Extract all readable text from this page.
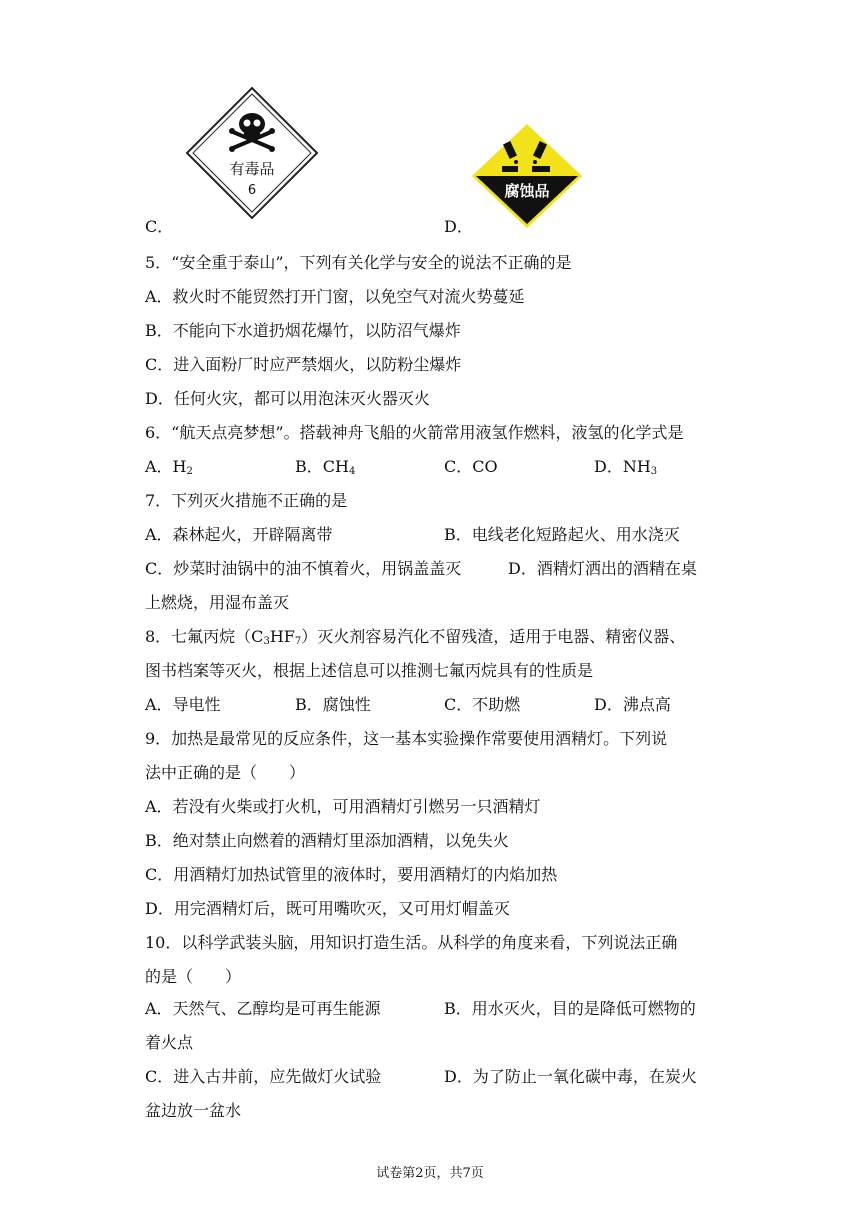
有毒品
6	腐蚀品
C．	D．
5．“安全重于泰山”，下列有关化学与安全的说法不正确的是
A．救火时不能贸然打开门窗，以免空气对流火势蔓延
B．不能向下水道扔烟花爆竹，以防沼气爆炸
C．进入面粉厂时应严禁烟火，以防粉尘爆炸
D．任何火灾，都可以用泡沫灭火器灭火
6．“航天点亮梦想”。搭载神舟飞船的火箭常用液氢作燃料，液氢的化学式是
A．$H_2$	B．$CH_4$	C．CO	D．$NH_3$
7．下列灭火措施不正确的是
A．森林起火，开辟隔离带	B．电线老化短路起火、用水浇灭
C．炒菜时油锅中的油不慎着火，用锅盖盖灭	D．酒精灯洒出的酒精在桌
上燃烧，用湿布盖灭
8．七氟丙烷$(C_3HF_7)$灭火剂容易汽化不留残渣，适用于电器、精密仪器、
图书档案等灭火，根据上述信息可以推测七氟丙烷具有的性质是
A．导电性	B．腐蚀性	C．不助燃	D．沸点高
9．加热是最常见的反应条件，这一基本实验操作常要使用酒精灯。下列说
法中正确的是（　　）
A．若没有火柴或打火机，可用酒精灯引燃另一只酒精灯
B．绝对禁止向燃着的酒精灯里添加酒精，以免失火
C．用酒精灯加热试管里的液体时，要用酒精灯的内焰加热
D．用完酒精灯后，既可用嘴吹灭，又可用灯帽盖灭
10．以科学武装头脑，用知识打造生活。从科学的角度来看，下列说法正确
的是（　　）
A．天然气、乙醇均是可再生能源	B．用水灭火，目的是降低可燃物的
着火点
C．进入古井前，应先做灯火试验	D．为了防止一氧化碳中毒，在炭火
盆边放一盆水
试卷第2页，共7页
